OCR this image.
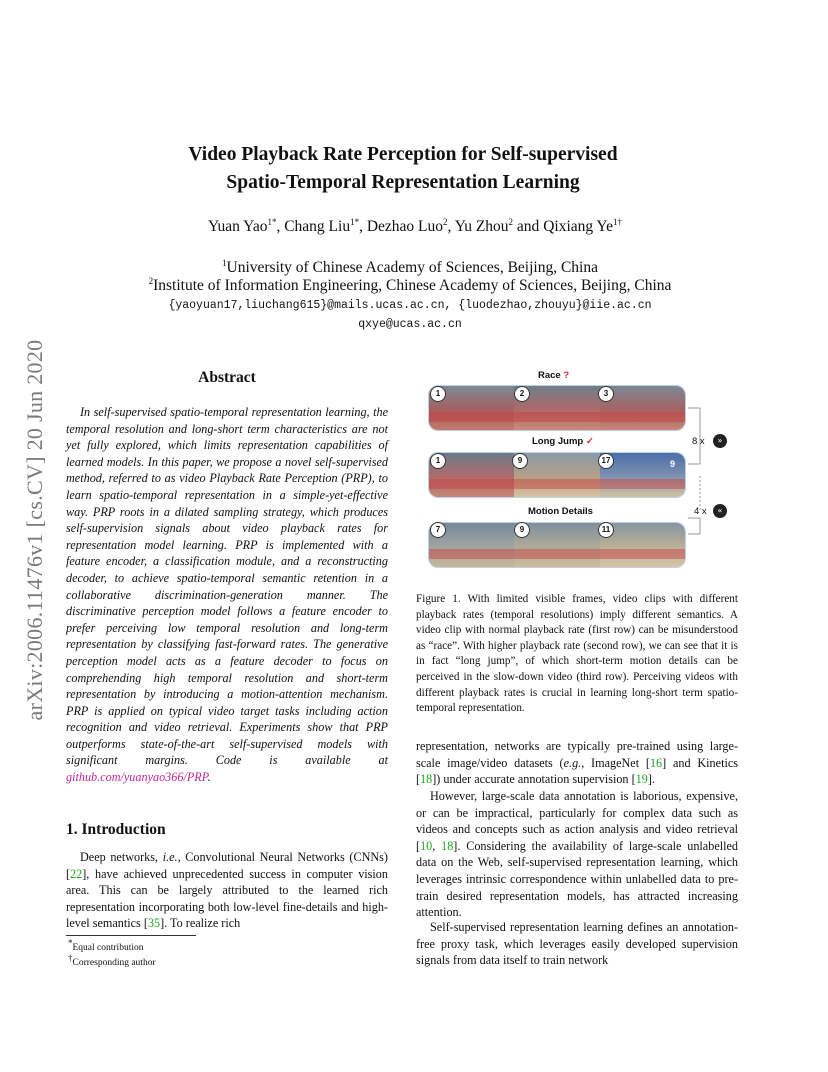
arXiv:2006.11476v1 [cs.CV] 20 Jun 2020
Video Playback Rate Perception for Self-supervised
Spatio-Temporal Representation Learning
Yuan Yao$^{1*}$, Chang Liu$^{1*}$, Dezhao Luo$^2$, Yu Zhou$^2$ and Qixiang $Ye^{1\dagger}$
$^1$University of Chinese Academy of Sciences, Beijing, China
$^2$Institute of Information Engineering, Chinese Academy of Sciences, Beijing, China
{yaoyuan17,liuchang615}@mails.ucas.ac.cn, {luodezhao,zhouyu}@iie.ac.cn
qxye@ucas.ac.cn
Abstract
In self-supervised spatio-temporal representation learning, the temporal resolution and long-short term characteristics are not yet fully explored, which limits representation capabilities of learned models. In this paper, we propose a novel self-supervised method, referred to as video Playback Rate Perception (PRP), to learn spatio-temporal representation in a simple-yet-effective way. PRP roots in a dilated sampling strategy, which produces self-supervision signals about video playback rates for representation model learning. PRP is implemented with a feature encoder, a classification module, and a reconstructing decoder, to achieve spatio-temporal semantic retention in a collaborative discrimination-generation manner. The discriminative perception model follows a feature encoder to prefer perceiving low temporal resolution and long-term representation by classifying fast-forward rates. The generative perception model acts as a feature decoder to focus on comprehending high temporal resolution and short-term representation by introducing a motion-attention mechanism. PRP is applied on typical video target tasks including action recognition and video retrieval. Experiments show that PRP outperforms state-of-the-art self-supervised models with significant margins. Code is available at github.com/yuanyao366/PRP.
1. Introduction
Deep networks, i.e., Convolutional Neural Networks (CNNs) [22], have achieved unprecedented success in computer vision area. This can be largely attributed to the learned rich representation incorporating both low-level fine-details and high-level semantics [35]. To realize rich
*Equal contribution
†Corresponding author
Race ?
1	2	3
Long Jump ✓	8 x	»
1	9	17	9
Motion Details	4 x	«
7	9	11
Figure 1. With limited visible frames, video clips with different playback rates (temporal resolutions) imply different semantics. A video clip with normal playback rate (first row) can be misunderstood as “race”. With higher playback rate (second row), we can see that it is in fact “long jump”, of which short-term motion details can be perceived in the slow-down video (third row). Perceiving videos with different playback rates is crucial in learning long-short term spatio-temporal representation.
representation, networks are typically pre-trained using large-scale image/video datasets (e.g., ImageNet [16] and Kinetics [18]) under accurate annotation supervision [19].
However, large-scale data annotation is laborious, expensive, or can be impractical, particularly for complex data such as videos and concepts such as action analysis and video retrieval [10, 18]. Considering the availability of large-scale unlabelled data on the Web, self-supervised representation learning, which leverages intrinsic correspondence within unlabelled data to pre-train desired representation models, has attracted increasing attention.
Self-supervised representation learning defines an annotation-free proxy task, which leverages easily developed supervision signals from data itself to train network
